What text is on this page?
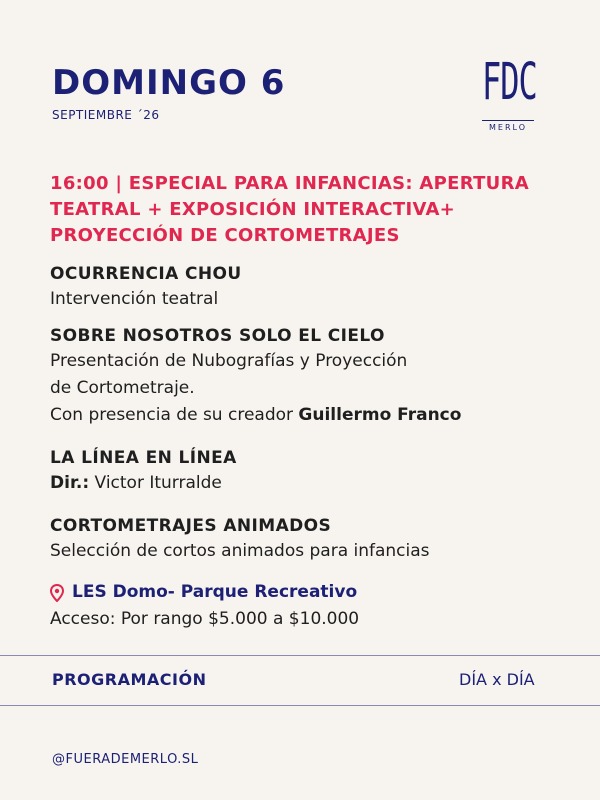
DOMINGO 6
SEPTIEMBRE ´26
FDC
MERLO
16:00 | ESPECIAL PARA INFANCIAS: APERTURA TEATRAL + EXPOSICIÓN INTERACTIVA+ PROYECCIÓN DE CORTOMETRAJES
OCURRENCIA CHOU
Intervención teatral
SOBRE NOSOTROS SOLO EL CIELO
Presentación de Nubografías y Proyección
de Cortometraje.
Con presencia de su creador Guillermo Franco
LA LÍNEA EN LÍNEA
Dir.: Victor Iturralde
CORTOMETRAJES ANIMADOS
Selección de cortos animados para infancias
LES Domo- Parque Recreativo
Acceso: Por rango $5.000 a $10.000
PROGRAMACIÓN	DÍA x DÍA
@FUERADEMERLO.SL
